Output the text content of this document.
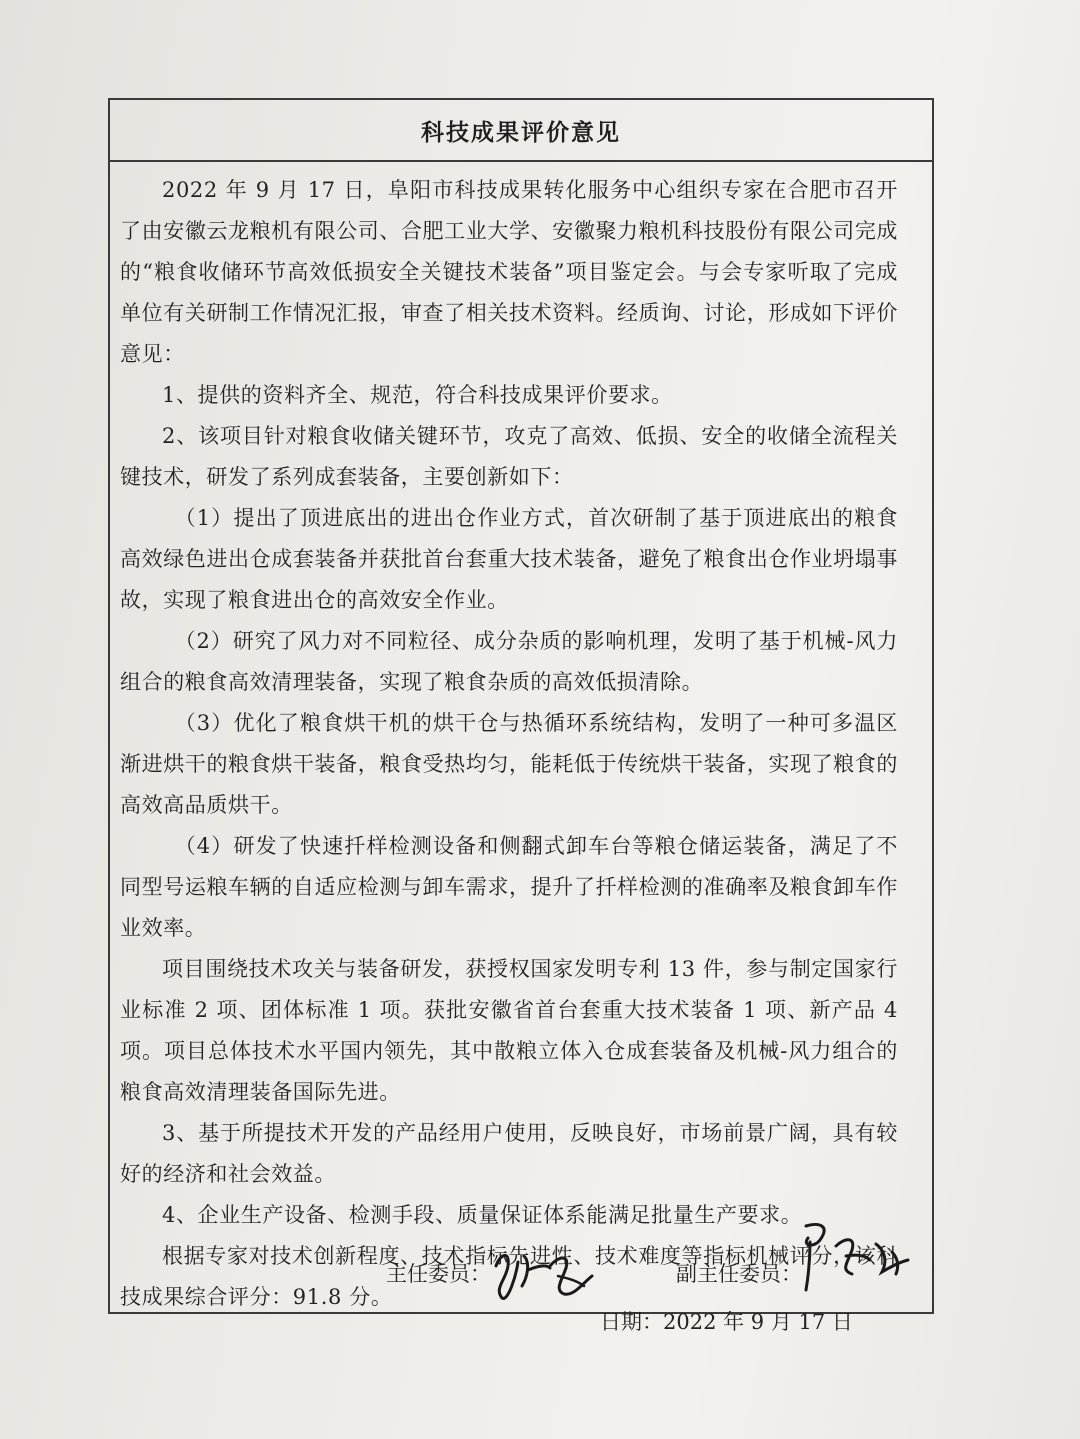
科技成果评价意见

2022 年 9 月 17 日，阜阳市科技成果转化服务中心组织专家在合肥市召开了由安徽云龙粮机有限公司、合肥工业大学、安徽聚力粮机科技股份有限公司完成的“粮食收储环节高效低损安全关键技术装备”项目鉴定会。与会专家听取了完成单位有关研制工作情况汇报，审查了相关技术资料。经质询、讨论，形成如下评价意见：

1、提供的资料齐全、规范，符合科技成果评价要求。

2、该项目针对粮食收储关键环节，攻克了高效、低损、安全的收储全流程关键技术，研发了系列成套装备，主要创新如下：

（1）提出了顶进底出的进出仓作业方式，首次研制了基于顶进底出的粮食高效绿色进出仓成套装备并获批首台套重大技术装备，避免了粮食出仓作业坍塌事故，实现了粮食进出仓的高效安全作业。

（2）研究了风力对不同粒径、成分杂质的影响机理，发明了基于机械-风力组合的粮食高效清理装备，实现了粮食杂质的高效低损清除。

（3）优化了粮食烘干机的烘干仓与热循环系统结构，发明了一种可多温区渐进烘干的粮食烘干装备，粮食受热均匀，能耗低于传统烘干装备，实现了粮食的高效高品质烘干。

（4）研发了快速扦样检测设备和侧翻式卸车台等粮仓储运装备，满足了不同型号运粮车辆的自适应检测与卸车需求，提升了扦样检测的准确率及粮食卸车作业效率。

项目围绕技术攻关与装备研发，获授权国家发明专利 13 件，参与制定国家行业标准 2 项、团体标准 1 项。获批安徽省首台套重大技术装备 1 项、新产品 4 项。项目总体技术水平国内领先，其中散粮立体入仓成套装备及机械-风力组合的粮食高效清理装备国际先进。

3、基于所提技术开发的产品经用户使用，反映良好，市场前景广阔，具有较好的经济和社会效益。

4、企业生产设备、检测手段、质量保证体系能满足批量生产要求。

根据专家对技术创新程度、技术指标先进性、技术难度等指标机械评分，该科技成果综合评分：91.8 分。

主任委员：	副主任委员：
日期：2022 年 9 月 17 日
